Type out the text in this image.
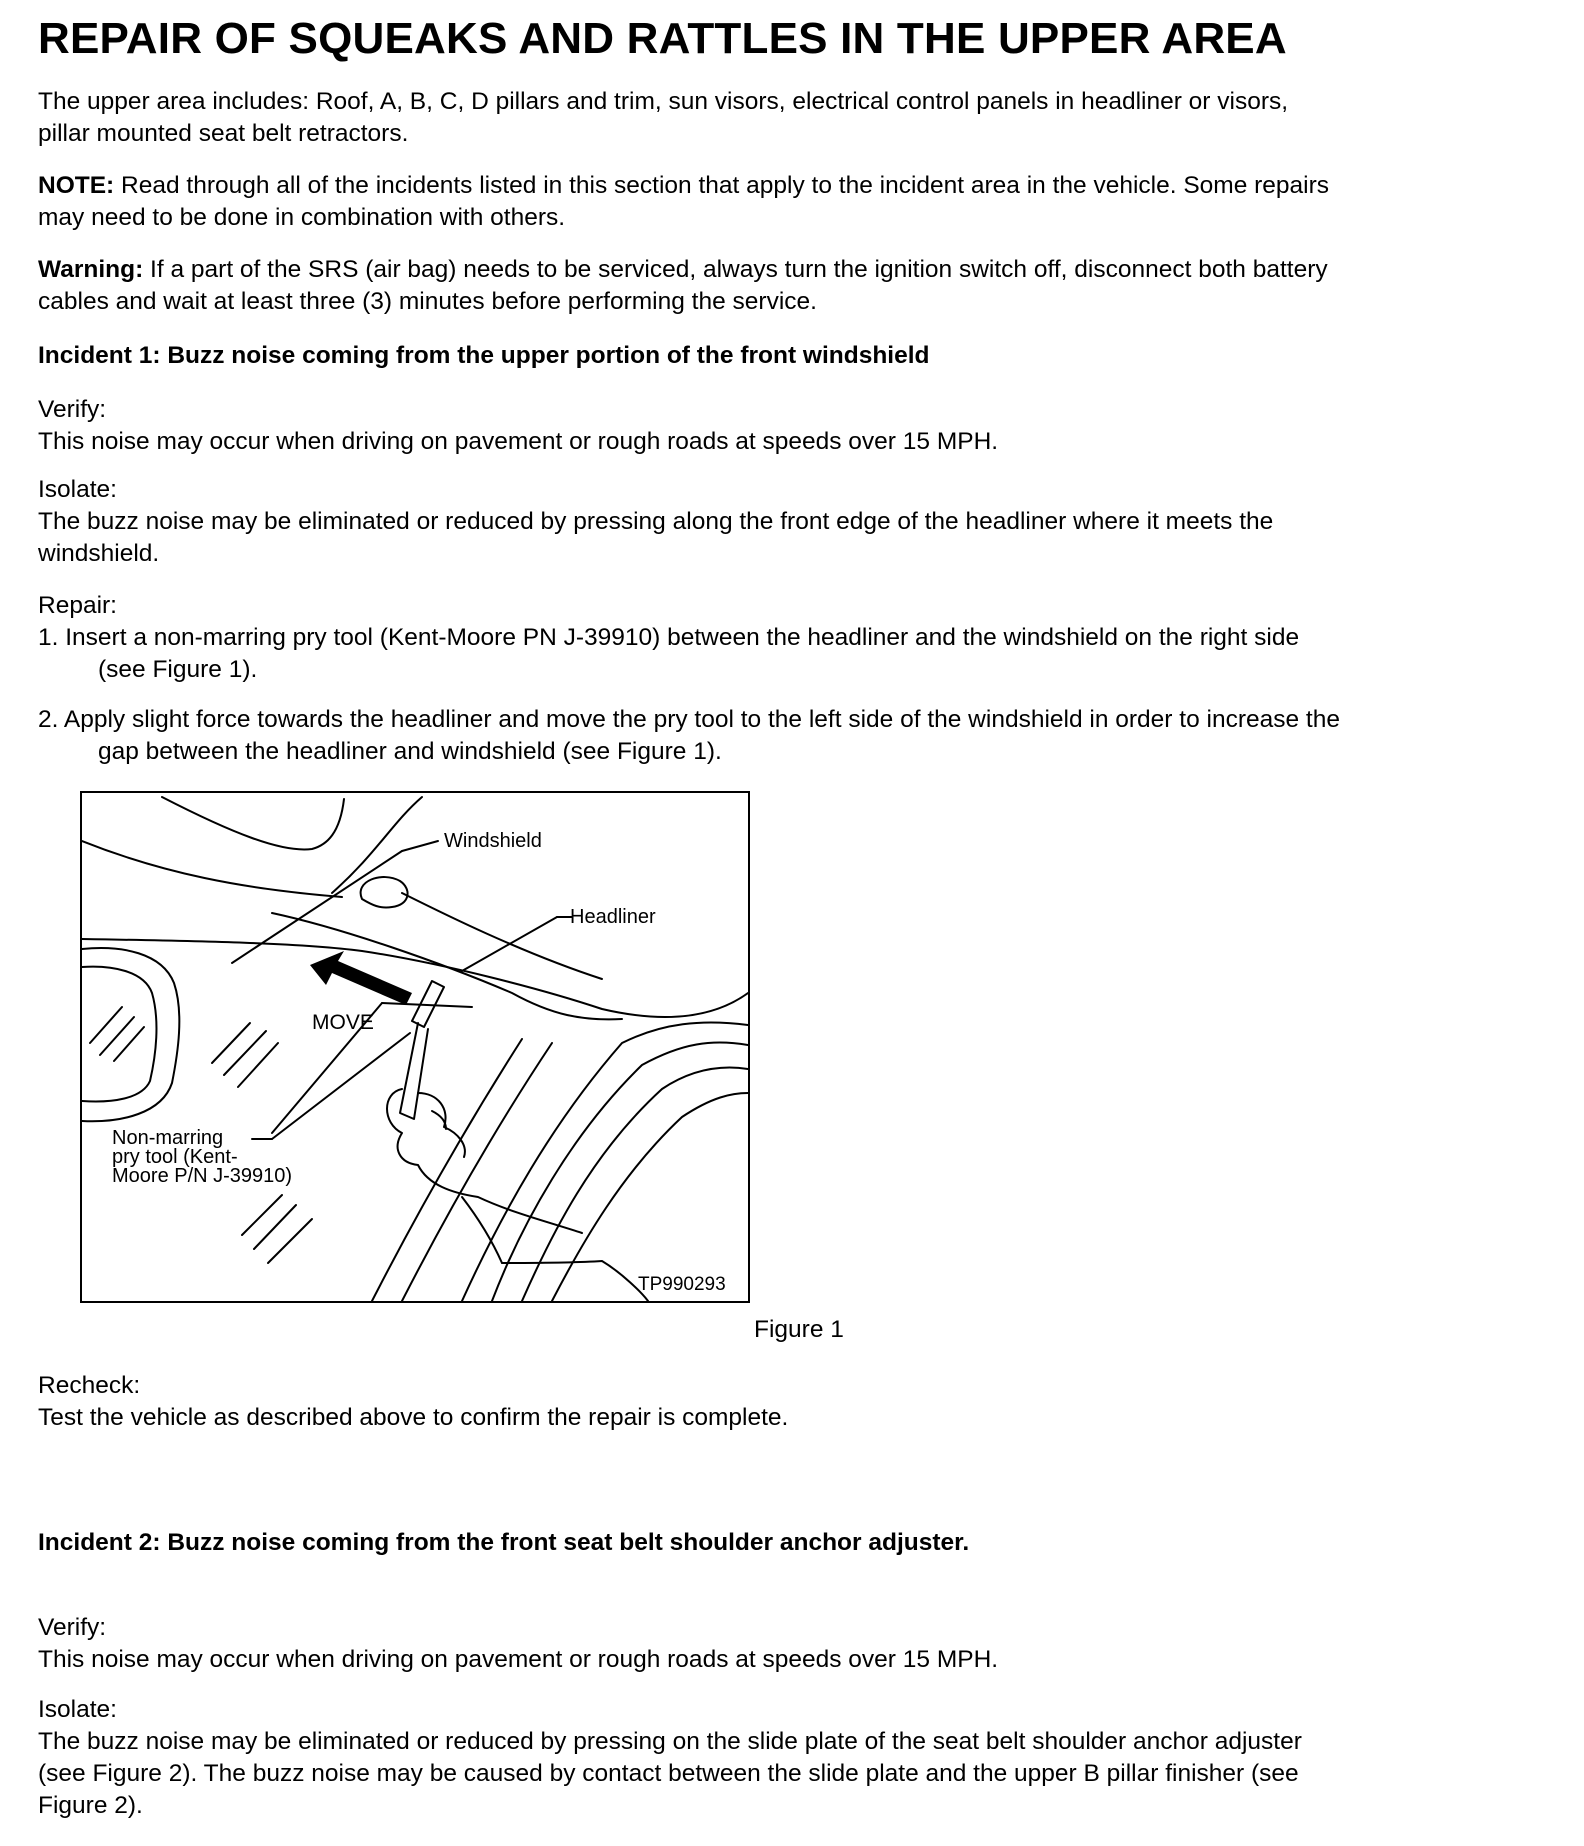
REPAIR OF SQUEAKS AND RATTLES IN THE UPPER AREA
The upper area includes: Roof, A, B, C, D pillars and trim, sun visors, electrical control panels in headliner or visors,
pillar mounted seat belt retractors.
NOTE: Read through all of the incidents listed in this section that apply to the incident area in the vehicle. Some repairs
may need to be done in combination with others.
Warning: If a part of the SRS (air bag) needs to be serviced, always turn the ignition switch off, disconnect both battery
cables and wait at least three (3) minutes before performing the service.
Incident 1: Buzz noise coming from the upper portion of the front windshield
Verify:
This noise may occur when driving on pavement or rough roads at speeds over 15 MPH.
Isolate:
The buzz noise may be eliminated or reduced by pressing along the front edge of the headliner where it meets the
windshield.
Repair:
1. Insert a non-marring pry tool (Kent-Moore PN J-39910) between the headliner and the windshield on the right side
(see Figure 1).
2. Apply slight force towards the headliner and move the pry tool to the left side of the windshield in order to increase the
gap between the headliner and windshield (see Figure 1).
Windshield
Headliner
MOVE
Non-marring
pry tool (Kent-
Moore P/N J-39910)
TP990293
Figure 1
Recheck:
Test the vehicle as described above to confirm the repair is complete.
Incident 2: Buzz noise coming from the front seat belt shoulder anchor adjuster.
Verify:
This noise may occur when driving on pavement or rough roads at speeds over 15 MPH.
Isolate:
The buzz noise may be eliminated or reduced by pressing on the slide plate of the seat belt shoulder anchor adjuster
(see Figure 2). The buzz noise may be caused by contact between the slide plate and the upper B pillar finisher (see
Figure 2).
